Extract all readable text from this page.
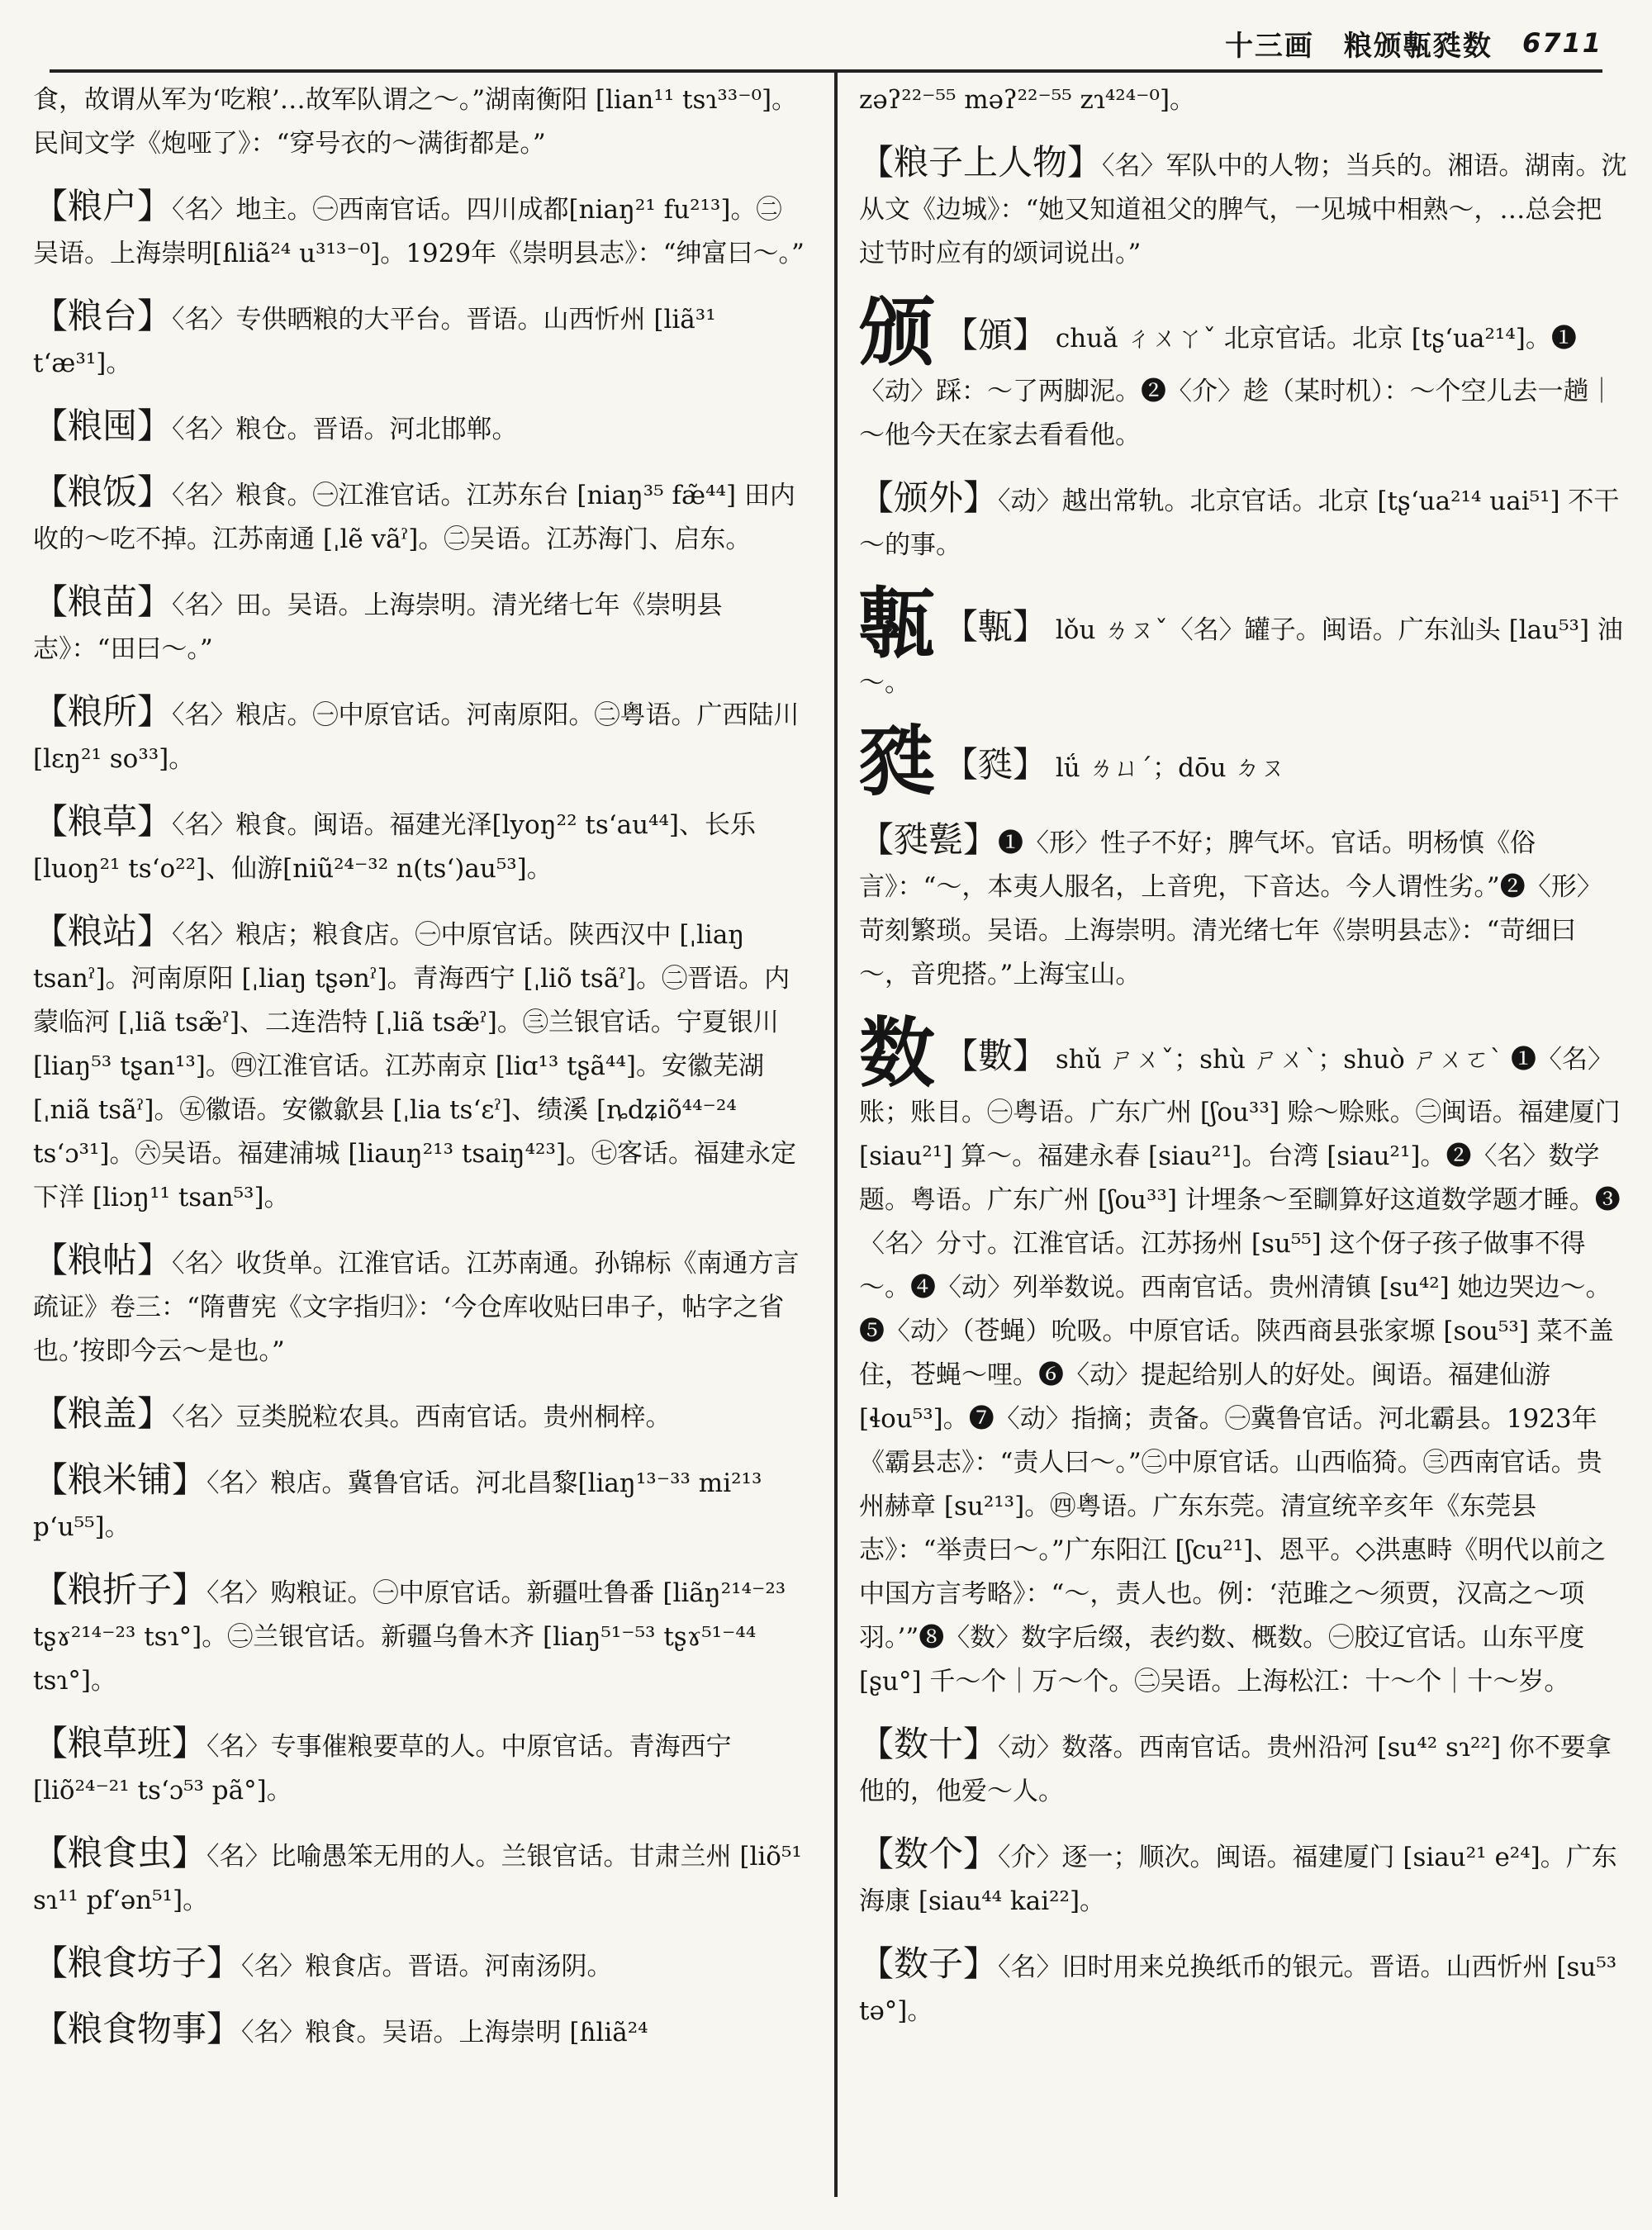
十三画　粮颁甎甤数 6711
食，故谓从军为‘吃粮’…故军队谓之～。”湖南衡阳 [lian¹¹ tsɿ³³⁻⁰]。民间文学《炮哑了》：“穿号衣的～满街都是。”
【粮户】〈名〉地主。㊀西南官话。四川成都[niaŋ²¹ fu²¹³]。㊁吴语。上海崇明[ɦliã²⁴ u³¹³⁻⁰]。1929年《崇明县志》：“绅富曰～。”
【粮台】〈名〉专供晒粮的大平台。晋语。山西忻州 [liã³¹ tʻæ³¹]。
【粮囤】〈名〉粮仓。晋语。河北邯郸。
【粮饭】〈名〉粮食。㊀江淮官话。江苏东台 [niaŋ³⁵ fæ̃⁴⁴] 田内收的～吃不掉。江苏南通 [ˌlẽ vãˀ]。㊁吴语。江苏海门、启东。
【粮苗】〈名〉田。吴语。上海崇明。清光绪七年《崇明县志》：“田曰～。”
【粮所】〈名〉粮店。㊀中原官话。河南原阳。㊁粤语。广西陆川 [lɛŋ²¹ so³³]。
【粮草】〈名〉粮食。闽语。福建光泽[lyoŋ²² tsʻau⁴⁴]、长乐 [luoŋ²¹ tsʻo²²]、仙游[niũ²⁴⁻³² n(tsʻ)au⁵³]。
【粮站】〈名〉粮店；粮食店。㊀中原官话。陕西汉中 [ˌliaŋ tsanˀ]。河南原阳 [ˌliaŋ tʂənˀ]。青海西宁 [ˌliõ tsãˀ]。㊁晋语。内蒙临河 [ˌliã tsæ̃ˀ]、二连浩特 [ˌliã tsæ̃ˀ]。㊂兰银官话。宁夏银川 [liaŋ⁵³ tʂan¹³]。㊃江淮官话。江苏南京 [liɑ¹³ tʂã⁴⁴]。安徽芜湖 [ˌniã tsãˀ]。㊄徽语。安徽歙县 [ˌlia tsʻɛˀ]、绩溪 [ȵdʑiõ⁴⁴⁻²⁴ tsʻɔ³¹]。㊅吴语。福建浦城 [liauŋ²¹³ tsaiŋ⁴²³]。㊆客话。福建永定下洋 [liɔŋ¹¹ tsan⁵³]。
【粮帖】〈名〉收货单。江淮官话。江苏南通。孙锦标《南通方言疏证》卷三：“隋曹宪《文字指归》：‘今仓库收贴曰串子，帖字之省也。’按即今云～是也。”
【粮盖】〈名〉豆类脱粒农具。西南官话。贵州桐梓。
【粮米铺】〈名〉粮店。冀鲁官话。河北昌黎[liaŋ¹³⁻³³ mi²¹³ pʻu⁵⁵]。
【粮折子】〈名〉购粮证。㊀中原官话。新疆吐鲁番 [liãŋ²¹⁴⁻²³ tʂɤ²¹⁴⁻²³ tsɿ°]。㊁兰银官话。新疆乌鲁木齐 [liaŋ⁵¹⁻⁵³ tʂɤ⁵¹⁻⁴⁴ tsɿ°]。
【粮草班】〈名〉专事催粮要草的人。中原官话。青海西宁[liõ²⁴⁻²¹ tsʻɔ⁵³ pã°]。
【粮食虫】〈名〉比喻愚笨无用的人。兰银官话。甘肃兰州 [liõ⁵¹ sɿ¹¹ pfʻən⁵¹]。
【粮食坊子】〈名〉粮食店。晋语。河南汤阴。
【粮食物事】〈名〉粮食。吴语。上海崇明 [ɦliã²⁴
zəʔ²²⁻⁵⁵ məʔ²²⁻⁵⁵ zɿ⁴²⁴⁻⁰]。
【粮子上人物】〈名〉军队中的人物；当兵的。湘语。湖南。沈从文《边城》：“她又知道祖父的脾气，一见城中相熟～，…总会把过节时应有的颂词说出。”
颁 【頒】 chuǎ ㄔㄨㄚˇ 北京官话。北京 [tʂʻua²¹⁴]。❶〈动〉踩：～了两脚泥。❷〈介〉趁（某时机）：～个空儿去一趟｜～他今天在家去看看他。
【颁外】〈动〉越出常轨。北京官话。北京 [tʂʻua²¹⁴ uai⁵¹] 不干～的事。
甎 【甎】 lǒu ㄌㄡˇ〈名〉罐子。闽语。广东汕头 [lau⁵³] 油～。
甤 【甤】 lǘ ㄌㄩˊ；dōu ㄉㄡ
【甤甏】❶〈形〉性子不好；脾气坏。官话。明杨慎《俗言》：“～，本夷人服名，上音兜，下音达。今人谓性劣。”❷〈形〉苛刻繁琐。吴语。上海崇明。清光绪七年《崇明县志》：“苛细曰～，音兜搭。”上海宝山。
数 【數】 shǔ ㄕㄨˇ；shù ㄕㄨˋ；shuò ㄕㄨㄛˋ ❶〈名〉账；账目。㊀粤语。广东广州 [ʃou³³] 赊～赊账。㊁闽语。福建厦门 [siau²¹] 算～。福建永春 [siau²¹]。台湾 [siau²¹]。❷〈名〉数学题。粤语。广东广州 [ʃou³³] 计埋条～至瞓算好这道数学题才睡。❸〈名〉分寸。江淮官话。江苏扬州 [su⁵⁵] 这个伢子孩子做事不得～。❹〈动〉列举数说。西南官话。贵州清镇 [su⁴²] 她边哭边～。❺〈动〉（苍蝇）吮吸。中原官话。陕西商县张家塬 [sou⁵³] 菜不盖住，苍蝇～哩。❻〈动〉提起给别人的好处。闽语。福建仙游 [ɬou⁵³]。❼〈动〉指摘；责备。㊀冀鲁官话。河北霸县。1923年《霸县志》：“责人曰～。”㊁中原官话。山西临猗。㊂西南官话。贵州赫章 [su²¹³]。㊃粤语。广东东莞。清宣统辛亥年《东莞县志》：“举责曰～。”广东阳江 [ʃcu²¹]、恩平。◇洪惠畤《明代以前之中国方言考略》：“～，责人也。例：‘范雎之～须贾，汉高之～项羽。’”❽〈数〉数字后缀，表约数、概数。㊀胶辽官话。山东平度 [ʂu°] 千～个｜万～个。㊁吴语。上海松江：十～个｜十～岁。
【数十】〈动〉数落。西南官话。贵州沿河 [su⁴² sɿ²²] 你不要拿他的，他爱～人。
【数个】〈介〉逐一；顺次。闽语。福建厦门 [siau²¹ e²⁴]。广东海康 [siau⁴⁴ kai²²]。
【数子】〈名〉旧时用来兑换纸币的银元。晋语。山西忻州 [su⁵³ tə°]。
